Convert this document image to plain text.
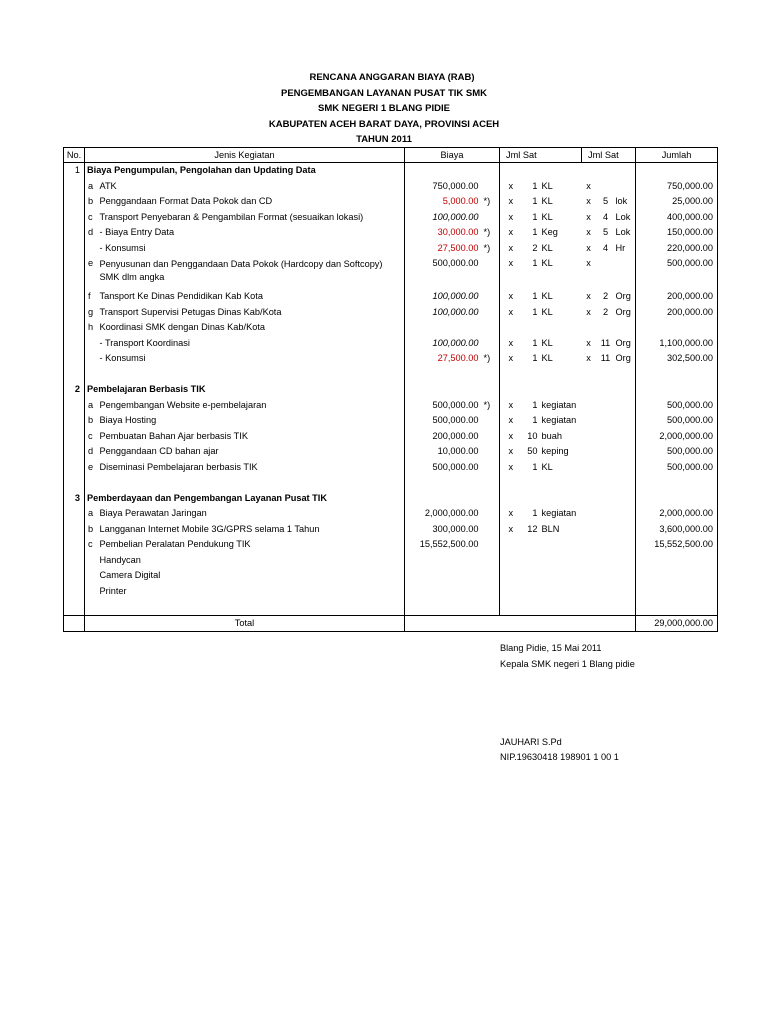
RENCANA ANGGARAN BIAYA (RAB)
PENGEMBANGAN LAYANAN PUSAT TIK SMK
SMK NEGERI 1 BLANG PIDIE
KABUPATEN ACEH BARAT DAYA, PROVINSI ACEH
TAHUN 2011
No.	Jenis Kegiatan		Biaya		Jml Sat			Jml Sat			Jumlah
1	Biaya Pengumpulan, Pengolahan dan Updating Data										
	a	ATK	750,000.00		x	1	KL	x			750,000.00
	b	Penggandaan Format Data Pokok dan CD	5,000.00	*)	x	1	KL	x	5	lok	25,000.00
	c	Transport Penyebaran & Pengambilan Format (sesuaikan lokasi)	100,000.00		x	1	KL	x	4	Lok	400,000.00
	d	- Biaya Entry Data	30,000.00	*)	x	1	Keg	x	5	Lok	150,000.00
		- Konsumsi	27,500.00	*)	x	2	KL	x	4	Hr	220,000.00
	e	Penyusunan dan Penggandaan Data Pokok (Hardcopy dan Softcopy) SMK dlm angka	500,000.00		x	1	KL	x			500,000.00
	f	Tansport Ke Dinas Pendidikan Kab Kota	100,000.00		x	1	KL	x	2	Org	200,000.00
	g	Transport Supervisi Petugas Dinas Kab/Kota	100,000.00		x	1	KL	x	2	Org	200,000.00
	h	Koordinasi SMK dengan Dinas Kab/Kota									
		- Transport Koordinasi	100,000.00		x	1	KL	x	11	Org	1,100,000.00
		- Konsumsi	27,500.00	*)	x	1	KL	x	11	Org	302,500.00

2	Pembelajaran Berbasis TIK										
	a	Pengembangan Website e-pembelajaran	500,000.00	*)	x	1	kegiatan				500,000.00
	b	Biaya Hosting	500,000.00		x	1	kegiatan				500,000.00
	c	Pembuatan Bahan Ajar berbasis TIK	200,000.00		x	10	buah				2,000,000.00
	d	Penggandaan CD bahan ajar	10,000.00		x	50	keping				500,000.00
	e	Diseminasi Pembelajaran berbasis TIK	500,000.00		x	1	KL				500,000.00

3	Pemberdayaan dan Pengembangan Layanan Pusat TIK										
	a	Biaya Perawatan Jaringan	2,000,000.00		x	1	kegiatan				2,000,000.00
	b	Langganan Internet Mobile 3G/GPRS selama 1 Tahun	300,000.00		x	12	BLN				3,600,000.00
	c	Pembelian Peralatan Pendukung TIK	15,552,500.00								15,552,500.00
		Handycan									
		Camera Digital									
		Printer									

	Total										29,000,000.00
Blang Pidie, 15 Mai 2011
Kepala SMK negeri 1 Blang pidie
JAUHARI S.Pd
NIP.19630418 198901 1 00 1
